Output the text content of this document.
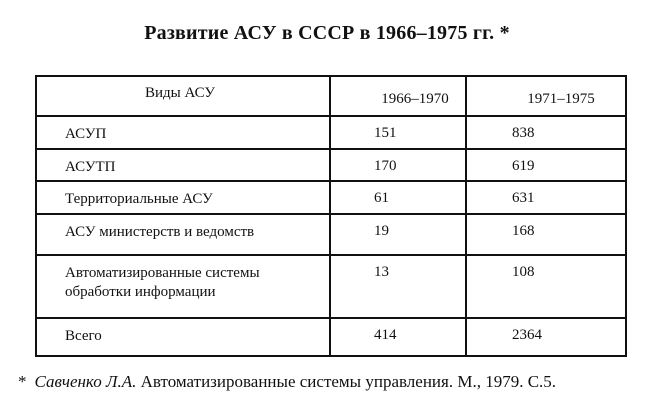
Развитие АСУ в СССР в 1966–1975 гг. *
Виды АСУ	1966–1970	1971–1975

АСУП	151	838

АСУТП	170	619

Территориальные АСУ	61	631

АСУ министерств и ведомств	19	168

Автоматизированные системы обработки информации	13	108

Всего	414	2364
* Савченко Л.А. Автоматизированные системы управления. М., 1979. С.5.
